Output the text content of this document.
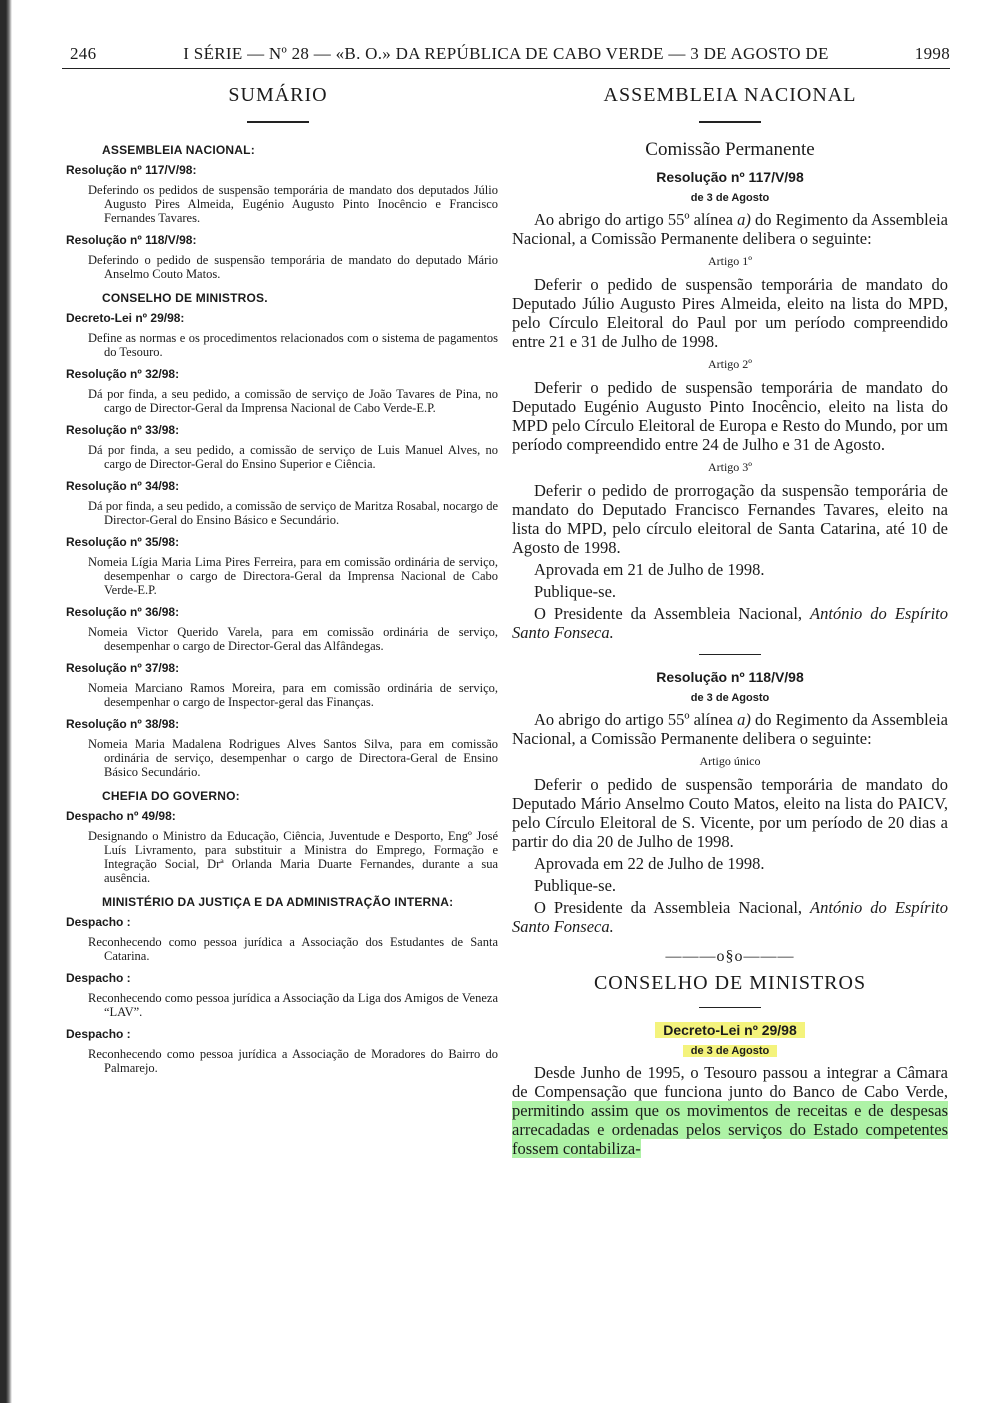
246	I SÉRIE — Nº 28 — «B. O.» DA REPÚBLICA DE CABO VERDE — 3 DE AGOSTO DE	1998
SUMÁRIO
ASSEMBLEIA NACIONAL:
Resolução nº 117/V/98:
Deferindo os pedidos de suspensão temporária de mandato dos deputados Júlio Augusto Pires Almeida, Eugénio Augusto Pinto Inocêncio e Francisco Fernandes Tavares.
Resolução nº 118/V/98:
Deferindo o pedido de suspensão temporária de mandato do deputado Mário Anselmo Couto Matos.
CONSELHO DE MINISTROS.
Decreto-Lei nº 29/98:
Define as normas e os procedimentos relacionados com o sistema de pagamentos do Tesouro.
Resolução nº 32/98:
Dá por finda, a seu pedido, a comissão de serviço de João Tavares de Pina, no cargo de Director-Geral da Imprensa Nacional de Cabo Verde-E.P.
Resolução nº 33/98:
Dá por finda, a seu pedido, a comissão de serviço de Luis Manuel Alves, no cargo de Director-Geral do Ensino Superior e Ciência.
Resolução nº 34/98:
Dá por finda, a seu pedido, a comissão de serviço de Maritza Rosabal, nocargo de Director-Geral do Ensino Básico e Secundário.
Resolução nº 35/98:
Nomeia Lígia Maria Lima Pires Ferreira, para em comissão ordinária de serviço, desempenhar o cargo de Directora-Geral da Imprensa Nacional de Cabo Verde-E.P.
Resolução nº 36/98:
Nomeia Victor Querido Varela, para em comissão ordinária de serviço, desempenhar o cargo de Director-Geral das Alfândegas.
Resolução nº 37/98:
Nomeia Marciano Ramos Moreira, para em comissão ordinária de serviço, desempenhar o cargo de Inspector-geral das Finanças.
Resolução nº 38/98:
Nomeia Maria Madalena Rodrigues Alves Santos Silva, para em comissão ordinária de serviço, desempenhar o cargo de Directora-Geral de Ensino Básico Secundário.
CHEFIA DO GOVERNO:
Despacho nº 49/98:
Designando o Ministro da Educação, Ciência, Juventude e Desporto, Engº José Luís Livramento, para substituir a Ministra do Emprego, Formação e Integração Social, Drª Orlanda Maria Duarte Fernandes, durante a sua ausência.
MINISTÉRIO DA JUSTIÇA E DA ADMINISTRAÇÃO INTERNA:
Despacho :
Reconhecendo como pessoa jurídica a Associação dos Estudantes de Santa Catarina.
Despacho :
Reconhecendo como pessoa jurídica a Associação da Liga dos Amigos de Veneza “LAV”.
Despacho :
Reconhecendo como pessoa jurídica a Associação de Moradores do Bairro do Palmarejo.
ASSEMBLEIA NACIONAL
Comissão Permanente
Resolução nº 117/V/98
de 3 de Agosto

Ao abrigo do artigo 55º alínea a) do Regimento da Assembleia Nacional, a Comissão Permanente delibera o seguinte:

Artigo 1º

Deferir o pedido de suspensão temporária de mandato do Deputado Júlio Augusto Pires Almeida, eleito na lista do MPD, pelo Círculo Eleitoral do Paul por um período compreendido entre 21 e 31 de Julho de 1998.

Artigo 2º

Deferir o pedido de suspensão temporária de mandato do Deputado Eugénio Augusto Pinto Inocêncio, eleito na lista do MPD pelo Círculo Eleitoral de Europa e Resto do Mundo, por um período compreendido entre 24 de Julho e 31 de Agosto.

Artigo 3º

Deferir o pedido de prorrogação da suspensão temporária de mandato do Deputado Francisco Fernandes Tavares, eleito na lista do MPD, pelo círculo eleitoral de Santa Catarina, até 10 de Agosto de 1998.

Aprovada em 21 de Julho de 1998.

Publique-se.

O Presidente da Assembleia Nacional, António do Espírito Santo Fonseca.

Resolução nº 118/V/98
de 3 de Agosto

Ao abrigo do artigo 55º alínea a) do Regimento da Assembleia Nacional, a Comissão Permanente delibera o seguinte:

Artigo único

Deferir o pedido de suspensão temporária de mandato do Deputado Mário Anselmo Couto Matos, eleito na lista do PAICV, pelo Círculo Eleitoral de S. Vicente, por um período de 20 dias a partir do dia 20 de Julho de 1998.

Aprovada em 22 de Julho de 1998.

Publique-se.

O Presidente da Assembleia Nacional, António do Espírito Santo Fonseca.

———o§o———
CONSELHO DE MINISTROS
Decreto-Lei nº 29/98
de 3 de Agosto

Desde Junho de 1995, o Tesouro passou a integrar a Câmara de Compensação que funciona junto do Banco de Cabo Verde, permitindo assim que os movimentos de receitas e de despesas arrecadadas e ordenadas pelos serviços do Estado competentes fossem contabiliza-
